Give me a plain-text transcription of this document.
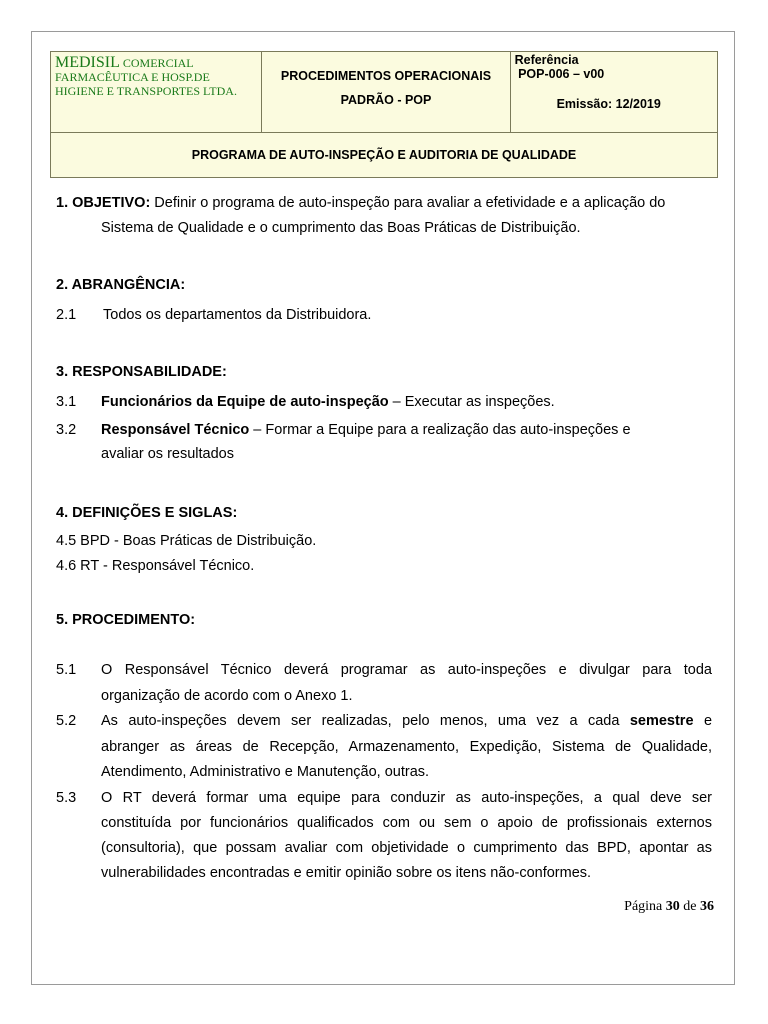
MEDISIL COMERCIAL
FARMACÊUTICA E HOSP.DE
HIGIENE E TRANSPORTES LTDA.

PROCEDIMENTOS OPERACIONAIS
PADRÃO - POP

Referência
POP-006 – v00
Emissão: 12/2019

PROGRAMA DE AUTO-INSPEÇÃO E AUDITORIA DE QUALIDADE
1. OBJETIVO: Definir o programa de auto-inspeção para avaliar a efetividade e a aplicação do
Sistema de Qualidade e o cumprimento das Boas Práticas de Distribuição.
2. ABRANGÊNCIA:
2.1 Todos os departamentos da Distribuidora.
3. RESPONSABILIDADE:
3.1 Funcionários da Equipe de auto-inspeção – Executar as inspeções.
3.2 Responsável Técnico – Formar a Equipe para a realização das auto-inspeções e
avaliar os resultados
4. DEFINIÇÕES E SIGLAS:
4.5 BPD - Boas Práticas de Distribuição.
4.6 RT - Responsável Técnico.
5. PROCEDIMENTO:
5.1 O Responsável Técnico deverá programar as auto-inspeções e divulgar para toda
organização de acordo com o Anexo 1.
5.2 As auto-inspeções devem ser realizadas, pelo menos, uma vez a cada semestre e
abranger as áreas de Recepção, Armazenamento, Expedição, Sistema de Qualidade,
Atendimento, Administrativo e Manutenção, outras.
5.3 O RT deverá formar uma equipe para conduzir as auto-inspeções, a qual deve ser
constituída por funcionários qualificados com ou sem o apoio de profissionais externos
(consultoria), que possam avaliar com objetividade o cumprimento das BPD, apontar as
vulnerabilidades encontradas e emitir opinião sobre os itens não-conformes.
Página 30 de 36
